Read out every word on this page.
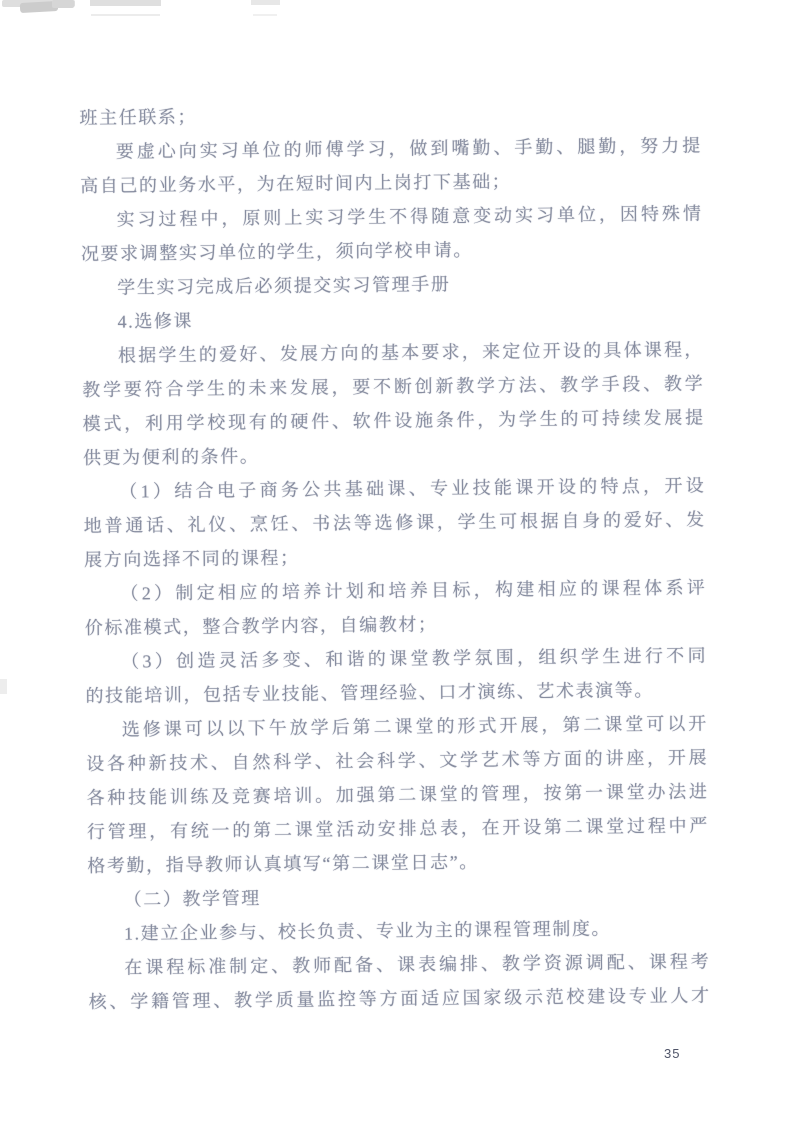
班主任联系；
要虚心向实习单位的师傅学习，做到嘴勤、手勤、腿勤，努力提
高自己的业务水平，为在短时间内上岗打下基础；
实习过程中，原则上实习学生不得随意变动实习单位，因特殊情
况要求调整实习单位的学生，须向学校申请。
学生实习完成后必须提交实习管理手册
4.选修课
根据学生的爱好、发展方向的基本要求，来定位开设的具体课程，
教学要符合学生的未来发展，要不断创新教学方法、教学手段、教学
模式，利用学校现有的硬件、软件设施条件，为学生的可持续发展提
供更为便利的条件。
（1）结合电子商务公共基础课、专业技能课开设的特点，开设
地普通话、礼仪、烹饪、书法等选修课，学生可根据自身的爱好、发
展方向选择不同的课程；
（2）制定相应的培养计划和培养目标，构建相应的课程体系评
价标准模式，整合教学内容，自编教材；
（3）创造灵活多变、和谐的课堂教学氛围，组织学生进行不同
的技能培训，包括专业技能、管理经验、口才演练、艺术表演等。
选修课可以以下午放学后第二课堂的形式开展，第二课堂可以开
设各种新技术、自然科学、社会科学、文学艺术等方面的讲座，开展
各种技能训练及竞赛培训。加强第二课堂的管理，按第一课堂办法进
行管理，有统一的第二课堂活动安排总表，在开设第二课堂过程中严
格考勤，指导教师认真填写“第二课堂日志”。
（二）教学管理
1.建立企业参与、校长负责、专业为主的课程管理制度。
在课程标准制定、教师配备、课表编排、教学资源调配、课程考
核、学籍管理、教学质量监控等方面适应国家级示范校建设专业人才
35
